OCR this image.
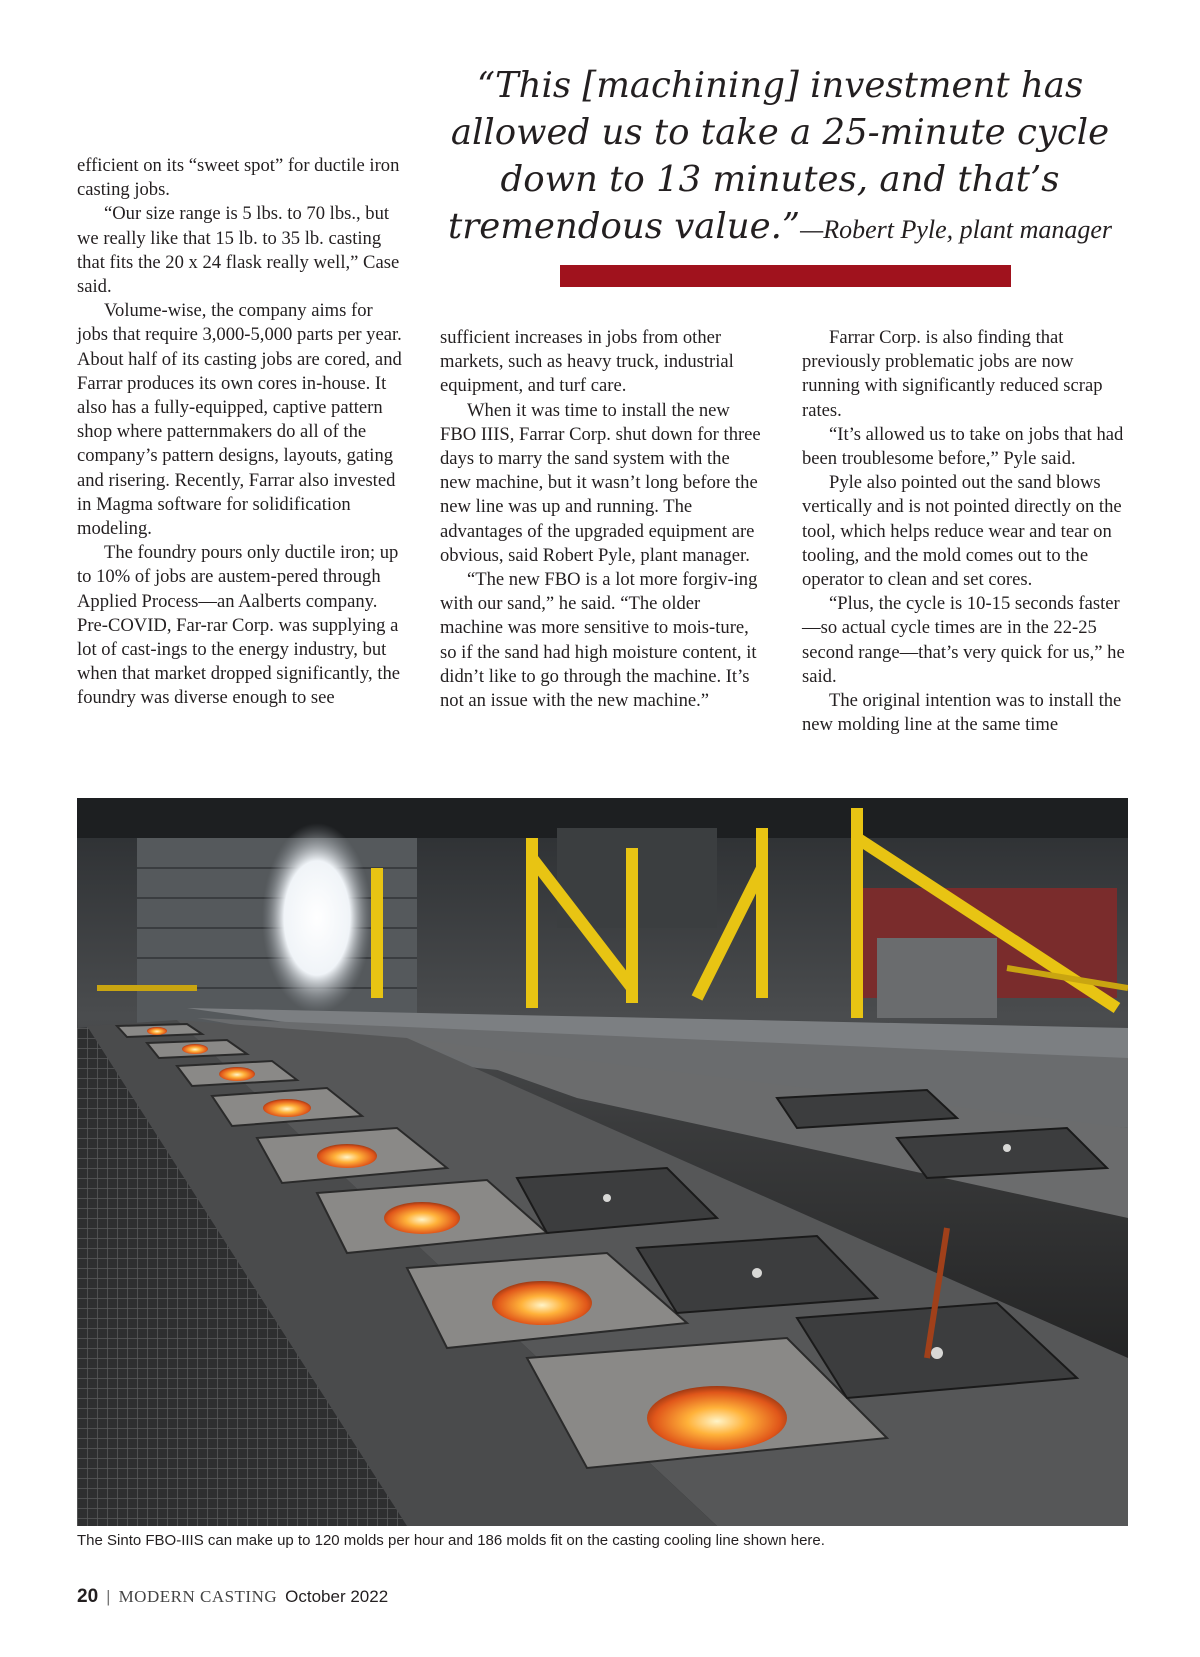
“This [machining] investment has allowed us to take a 25-minute cycle down to 13 minutes, and that’s tremendous value.”—Robert Pyle, plant manager

efficient on its “sweet spot” for ductile iron casting jobs.

“Our size range is 5 lbs. to 70 lbs., but we really like that 15 lb. to 35 lb. casting that fits the 20 x 24 flask really well,” Case said.

Volume-wise, the company aims for jobs that require 3,000-5,000 parts per year. About half of its casting jobs are cored, and Farrar produces its own cores in-house. It also has a fully-equipped, captive pattern shop where patternmakers do all of the company’s pattern designs, layouts, gating and risering. Recently, Farrar also invested in Magma software for solidification modeling.

The foundry pours only ductile iron; up to 10% of jobs are austem-pered through Applied Process—an Aalberts company. Pre-COVID, Far-rar Corp. was supplying a lot of cast-ings to the energy industry, but when that market dropped significantly, the foundry was diverse enough to see

sufficient increases in jobs from other markets, such as heavy truck, industrial equipment, and turf care.

When it was time to install the new FBO IIIS, Farrar Corp. shut down for three days to marry the sand system with the new machine, but it wasn’t long before the new line was up and running. The advantages of the upgraded equipment are obvious, said Robert Pyle, plant manager.

“The new FBO is a lot more forgiv-ing with our sand,” he said. “The older machine was more sensitive to mois-ture, so if the sand had high moisture content, it didn’t like to go through the machine. It’s not an issue with the new machine.”

Farrar Corp. is also finding that previously problematic jobs are now running with significantly reduced scrap rates.

“It’s allowed us to take on jobs that had been troublesome before,” Pyle said.

Pyle also pointed out the sand blows vertically and is not pointed directly on the tool, which helps reduce wear and tear on tooling, and the mold comes out to the operator to clean and set cores.

“Plus, the cycle is 10-15 seconds faster—so actual cycle times are in the 22-25 second range—that’s very quick for us,” he said.

The original intention was to install the new molding line at the same time

The Sinto FBO-IIIS can make up to 120 molds per hour and 186 molds fit on the casting cooling line shown here.
20 | MODERN CASTING October 2022
